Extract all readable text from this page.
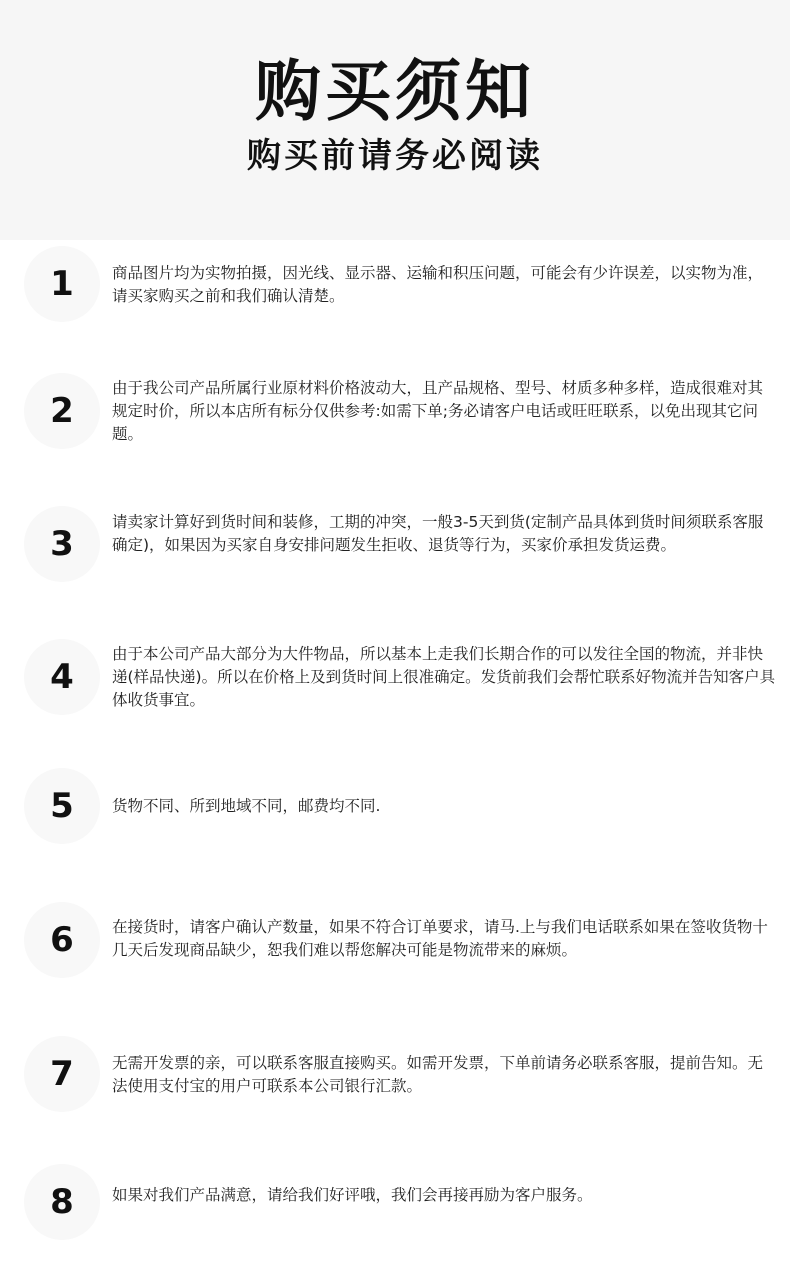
购买须知
购买前请务必阅读
1	商品图片均为实物拍摄，因光线、显示器、运输和积压问题，可能会有少许误差，以实物为准，请买家购买之前和我们确认清楚。
2
由于我公司产品所属行业原材料价格波动大，且产品规格、型号、材质多种多样，造成很难对其规定时价，所以本店所有标分仅供参考:如需下单;务必请客户电话或旺旺联系，以免出现其它问题。
3
请卖家计算好到货时间和装修，工期的冲突，一般3-5天到货(定制产品具体到货时间须联系客服确定)，如果因为买家自身安排问题发生拒收、退货等行为，买家价承担发货运费。
4
由于本公司产品大部分为大件物品，所以基本上走我们长期合作的可以发往全国的物流，并非快递(样品快递)。所以在价格上及到货时间上很准确定。发货前我们会帮忙联系好物流并告知客户具体收货事宜。
5	货物不同、所到地域不同，邮费均不同.
6	在接货时，请客户确认产数量，如果不符合订单要求，请马.上与我们电话联系如果在签收货物十几天后发现商品缺少，恕我们难以帮您解决可能是物流带来的麻烦。
7	无需开发票的亲，可以联系客服直接购买。如需开发票，下单前请务必联系客服，提前告知。无法使用支付宝的用户可联系本公司银行汇款。
8	如果对我们产品满意，请给我们好评哦，我们会再接再励为客户服务。
